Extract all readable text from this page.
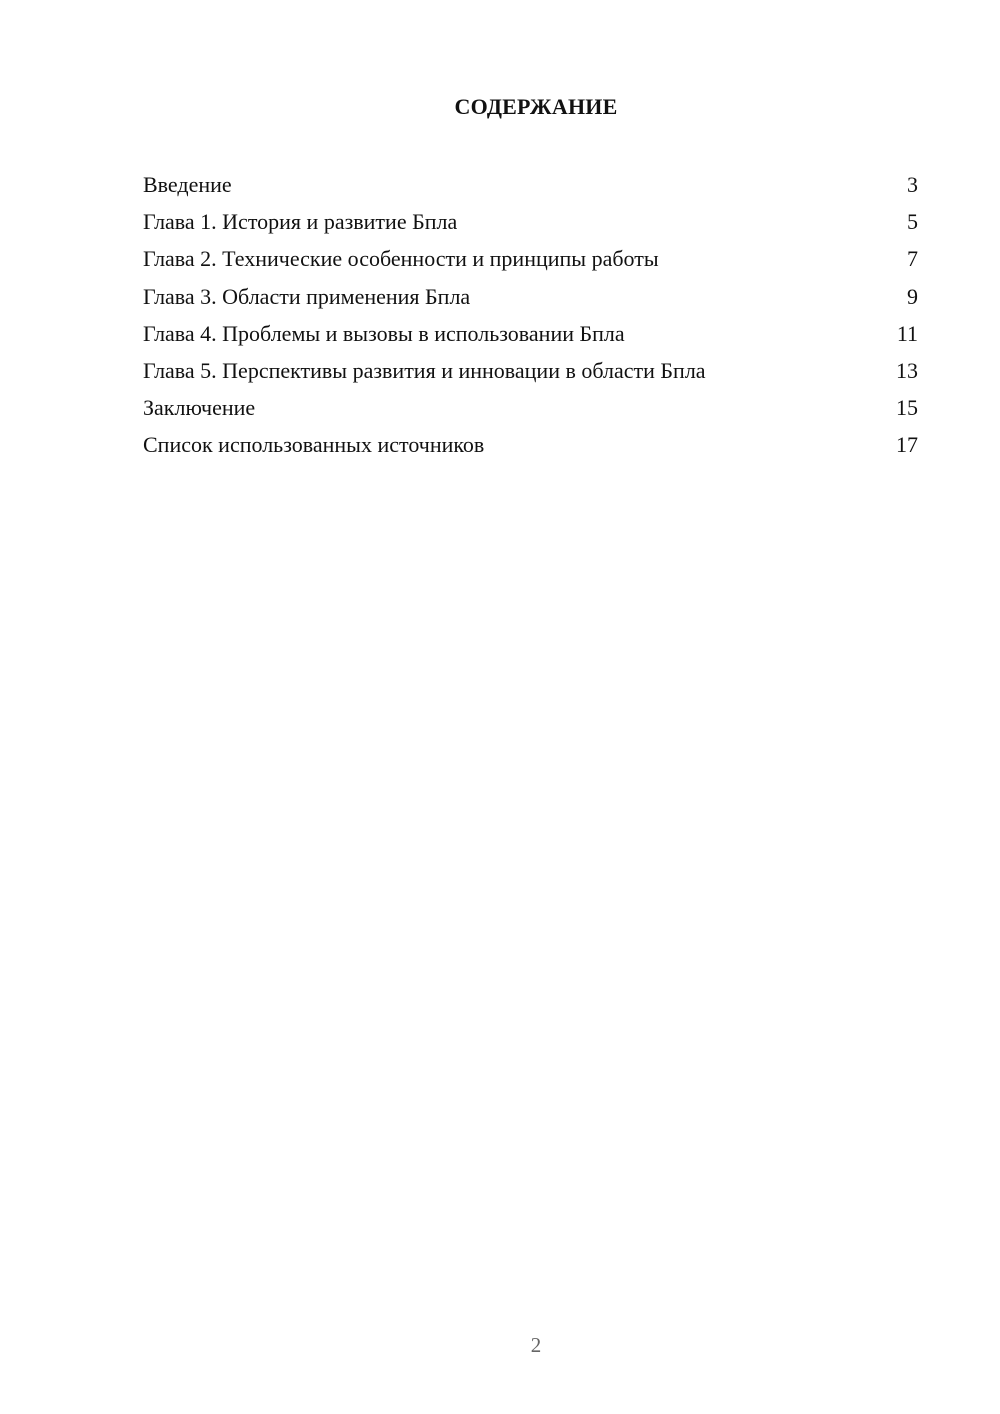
СОДЕРЖАНИЕ
Введение	3
Глава 1. История и развитие Бпла	5
Глава 2. Технические особенности и принципы работы	7
Глава 3. Области применения Бпла	9
Глава 4. Проблемы и вызовы в использовании Бпла	11
Глава 5. Перспективы развития и инновации в области Бпла	13
Заключение	15
Список использованных источников	17
2
